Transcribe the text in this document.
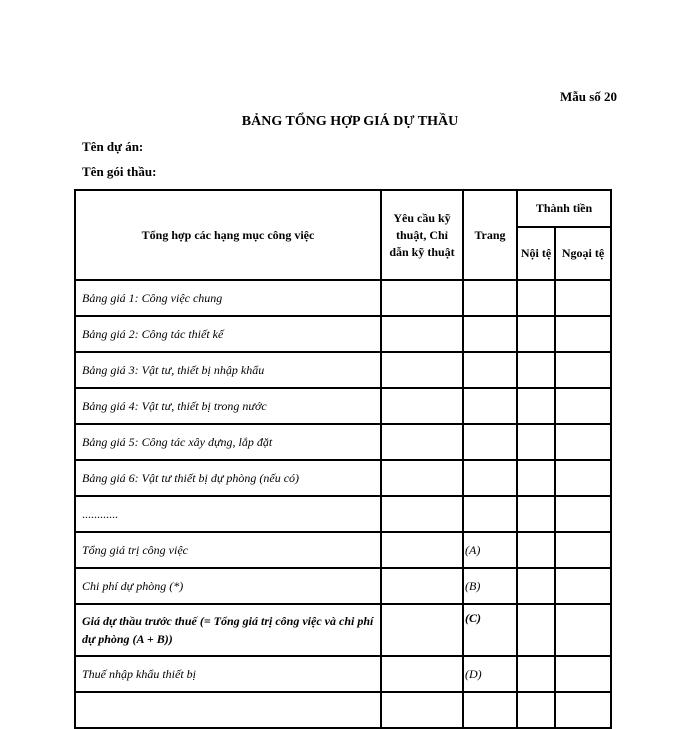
Mẫu số 20
BẢNG TỔNG HỢP GIÁ DỰ THẦU
Tên dự án:
Tên gói thầu:
Tổng hợp các hạng mục công việc	Yêu cầu kỹ thuật, Chỉ dẫn kỹ thuật	Trang	Thành tiền	
			Nội tệ	Ngoại tệ
Bảng giá 1: Công việc chung				
Bảng giá 2: Công tác thiết kế				
Bảng giá 3: Vật tư, thiết bị nhập khẩu				
Bảng giá 4: Vật tư, thiết bị trong nước				
Bảng giá 5: Công tác xây dựng, lắp đặt				
Bảng giá 6: Vật tư thiết bị dự phòng (nếu có)				
............				
Tổng giá trị công việc		(A)		
Chi phí dự phòng (*)		(B)		
Giá dự thầu trước thuế (= Tổng giá trị công việc và chi phí dự phòng (A + B))		(C)		
Thuế nhập khẩu thiết bị		(D)		
